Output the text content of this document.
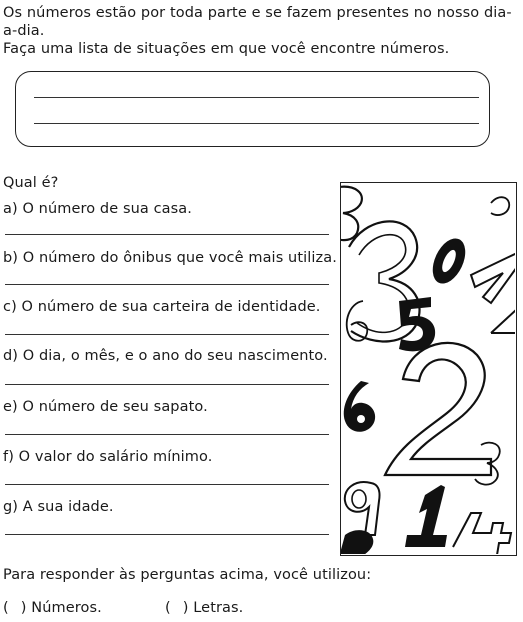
Os números estão por toda parte e se fazem presentes no nosso dia-
a-dia.
Faça uma lista de situações em que você encontre números.
Qual é?
a) O número de sua casa.
b) O número do ônibus que você mais utiliza.
c) O número de sua carteira de identidade.
d) O dia, o mês, e o ano do seu nascimento.
e) O número de seu sapato.
f) O valor do salário mínimo.
g) A sua idade.
Para responder às perguntas acima, você utilizou:
( ) Números.	( ) Letras.
